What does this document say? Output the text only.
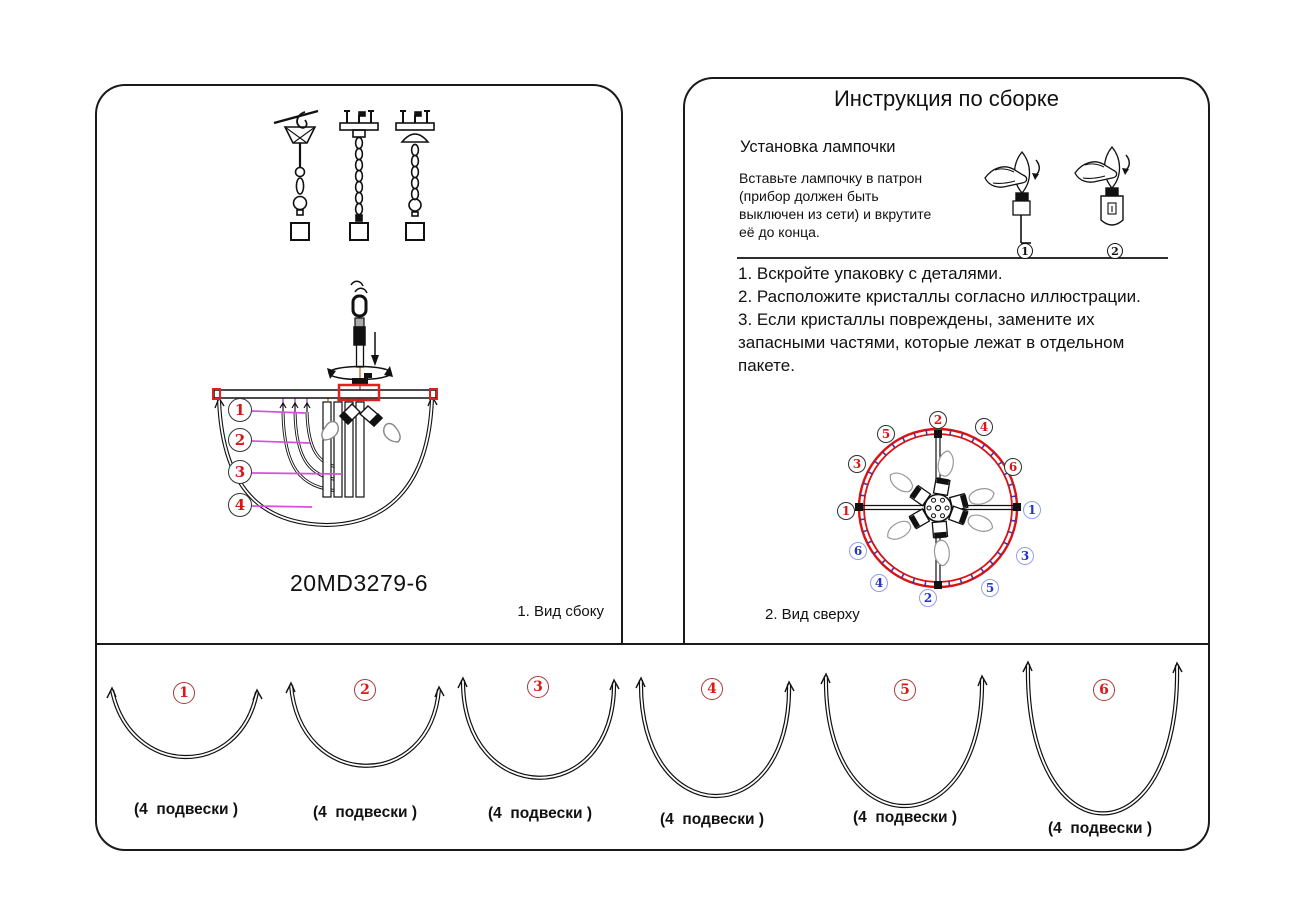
Инструкция по сборке
Установка лампочки
Вставьте лампочку в патрон
(прибор должен быть
выключен из сети) и вкрутите
её до конца.
1. Вскройте упаковку с деталями.
2. Расположите кристаллы согласно иллюстрации.
3. Если кристаллы повреждены, замените их
запасными частями, которые лежат в отдельном
пакете.
2. Вид сверху
20MD3279-6
1. Вид сбоку
1
2
3
4
1	2
2
5
3
1
4
6
1
3
5
2
4
6
1	2	3	4	5	6
(4  подвески )	(4  подвески )	(4  подвески )	(4  подвески )	(4  подвески )
(4  подвески )
